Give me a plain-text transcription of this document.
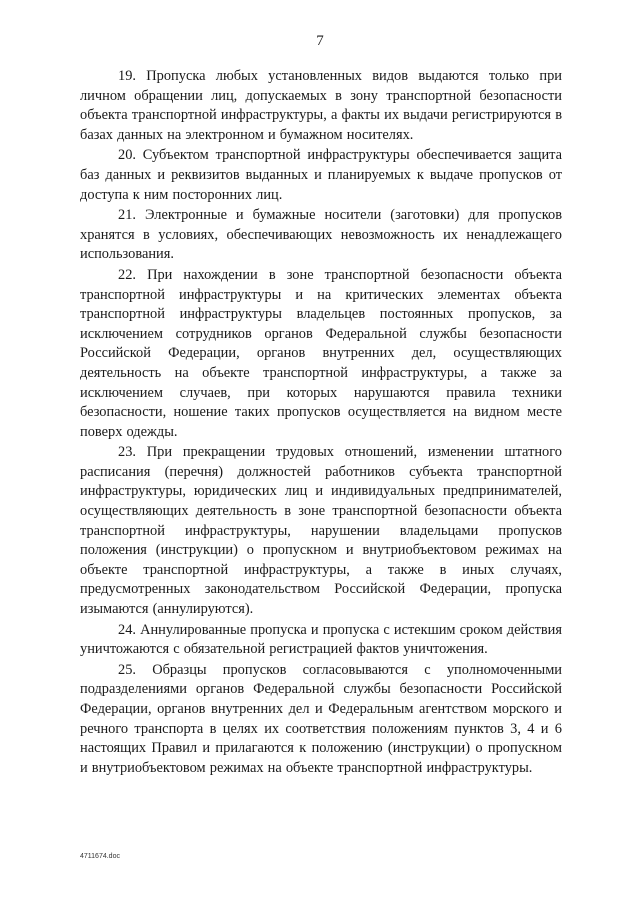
7

19. Пропуска любых установленных видов выдаются только при личном обращении лиц, допускаемых в зону транспортной безопасности объекта транспортной инфраструктуры, а факты их выдачи регистрируются в базах данных на электронном и бумажном носителях.

20. Субъектом транспортной инфраструктуры обеспечивается защита баз данных и реквизитов выданных и планируемых к выдаче пропусков от доступа к ним посторонних лиц.

21. Электронные и бумажные носители (заготовки) для пропусков хранятся в условиях, обеспечивающих невозможность их ненадлежащего использования.

22. При нахождении в зоне транспортной безопасности объекта транспортной инфраструктуры и на критических элементах объекта транспортной инфраструктуры владельцев постоянных пропусков, за исключением сотрудников органов Федеральной службы безопасности Российской Федерации, органов внутренних дел, осуществляющих деятельность на объекте транспортной инфраструктуры, а также за исключением случаев, при которых нарушаются правила техники безопасности, ношение таких пропусков осуществляется на видном месте поверх одежды.

23. При прекращении трудовых отношений, изменении штатного расписания (перечня) должностей работников субъекта транспортной инфраструктуры, юридических лиц и индивидуальных предпринимателей, осуществляющих деятельность в зоне транспортной безопасности объекта транспортной инфраструктуры, нарушении владельцами пропусков положения (инструкции) о пропускном и внутриобъектовом режимах на объекте транспортной инфраструктуры, а также в иных случаях, предусмотренных законодательством Российской Федерации, пропуска изымаются (аннулируются).

24. Аннулированные пропуска и пропуска с истекшим сроком действия уничтожаются с обязательной регистрацией фактов уничтожения.

25. Образцы пропусков согласовываются с уполномоченными подразделениями органов Федеральной службы безопасности Российской Федерации, органов внутренних дел и Федеральным агентством морского и речного транспорта в целях их соответствия положениям пунктов 3, 4 и 6 настоящих Правил и прилагаются к положению (инструкции) о пропускном и внутриобъектовом режимах на объекте транспортной инфраструктуры.

4711674.doc
